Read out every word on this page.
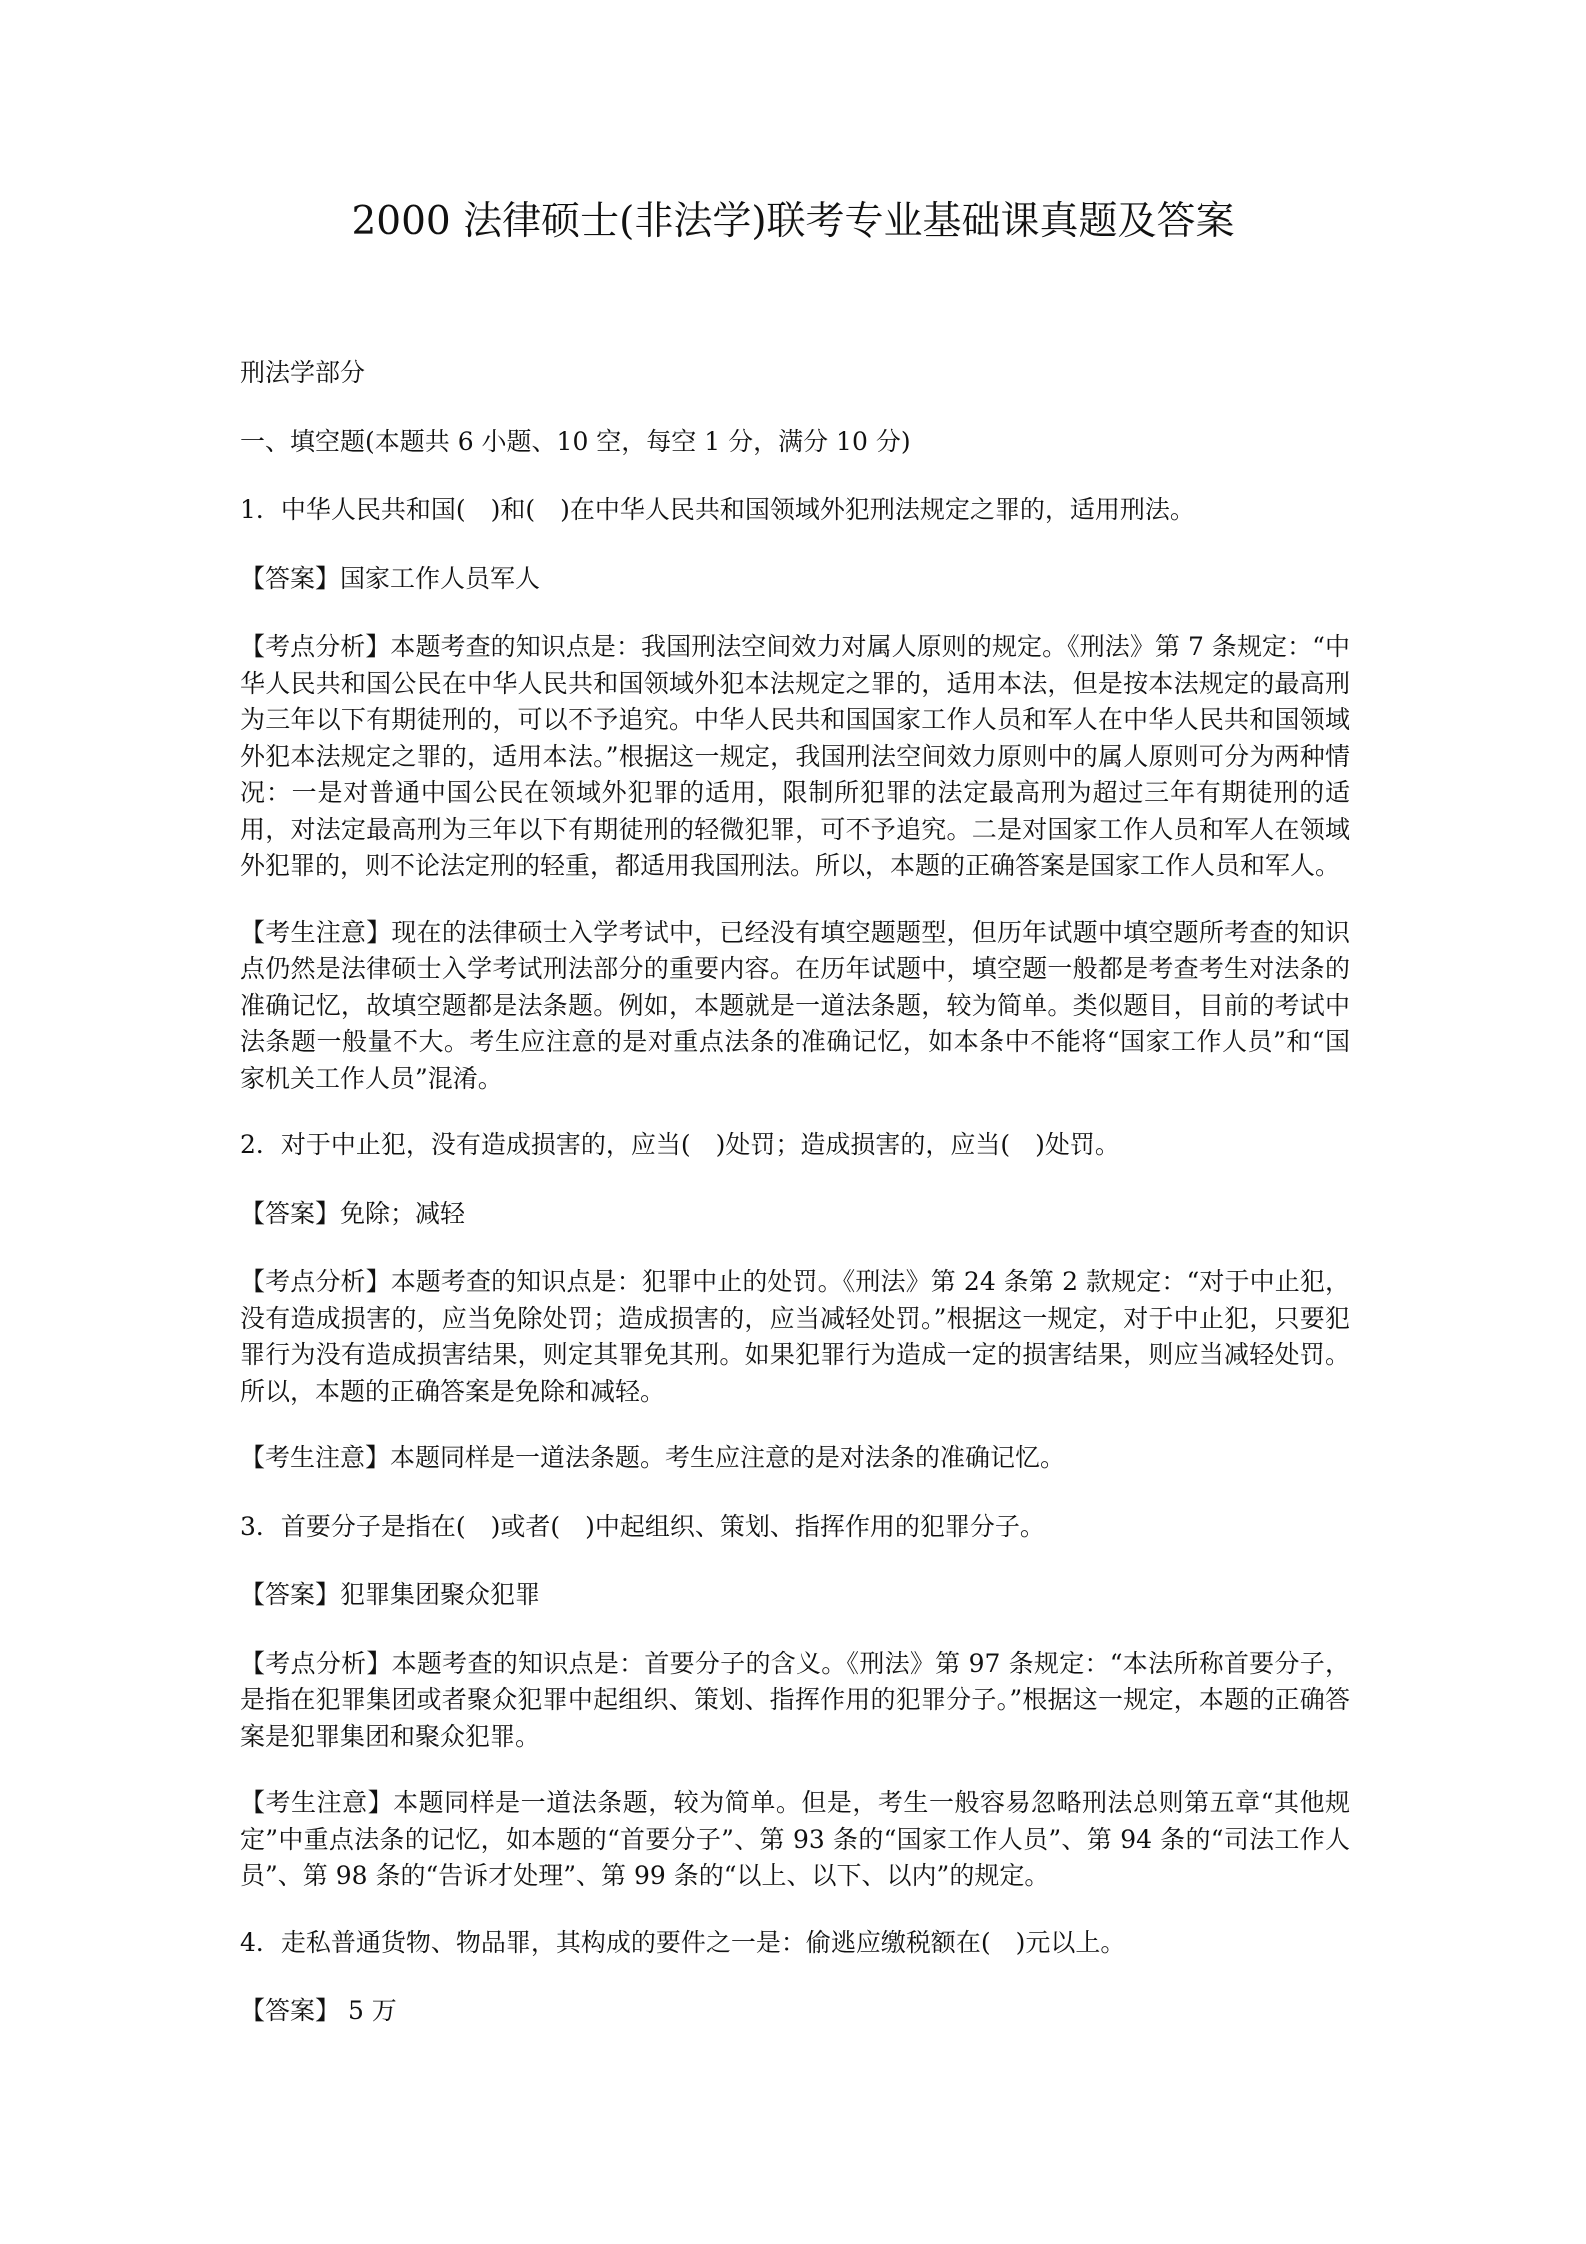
2000 法律硕士(非法学)联考专业基础课真题及答案

刑法学部分

一、填空题(本题共 6 小题、10 空，每空 1 分，满分 10 分)

1．中华人民共和国(　)和(　)在中华人民共和国领域外犯刑法规定之罪的，适用刑法。

【答案】国家工作人员军人

【考点分析】本题考查的知识点是：我国刑法空间效力对属人原则的规定。《刑法》第 7 条规定：“中华人民共和国公民在中华人民共和国领域外犯本法规定之罪的，适用本法，但是按本法规定的最高刑为三年以下有期徒刑的，可以不予追究。中华人民共和国国家工作人员和军人在中华人民共和国领域外犯本法规定之罪的，适用本法。”根据这一规定，我国刑法空间效力原则中的属人原则可分为两种情况：一是对普通中国公民在领域外犯罪的适用，限制所犯罪的法定最高刑为超过三年有期徒刑的适用，对法定最高刑为三年以下有期徒刑的轻微犯罪，可不予追究。二是对国家工作人员和军人在领域外犯罪的，则不论法定刑的轻重，都适用我国刑法。所以，本题的正确答案是国家工作人员和军人。

【考生注意】现在的法律硕士入学考试中，已经没有填空题题型，但历年试题中填空题所考查的知识点仍然是法律硕士入学考试刑法部分的重要内容。在历年试题中，填空题一般都是考查考生对法条的准确记忆，故填空题都是法条题。例如，本题就是一道法条题，较为简单。类似题目，目前的考试中法条题一般量不大。考生应注意的是对重点法条的准确记忆，如本条中不能将“国家工作人员”和“国家机关工作人员”混淆。

2．对于中止犯，没有造成损害的，应当(　)处罚；造成损害的，应当(　)处罚。

【答案】免除；减轻

【考点分析】本题考查的知识点是：犯罪中止的处罚。《刑法》第 24 条第 2 款规定：“对于中止犯，没有造成损害的，应当免除处罚；造成损害的，应当减轻处罚。”根据这一规定，对于中止犯，只要犯罪行为没有造成损害结果，则定其罪免其刑。如果犯罪行为造成一定的损害结果，则应当减轻处罚。所以，本题的正确答案是免除和减轻。

【考生注意】本题同样是一道法条题。考生应注意的是对法条的准确记忆。

3．首要分子是指在(　)或者(　)中起组织、策划、指挥作用的犯罪分子。

【答案】犯罪集团聚众犯罪

【考点分析】本题考查的知识点是：首要分子的含义。《刑法》第 97 条规定：“本法所称首要分子，是指在犯罪集团或者聚众犯罪中起组织、策划、指挥作用的犯罪分子。”根据这一规定，本题的正确答案是犯罪集团和聚众犯罪。

【考生注意】本题同样是一道法条题，较为简单。但是，考生一般容易忽略刑法总则第五章“其他规定”中重点法条的记忆，如本题的“首要分子”、第 93 条的“国家工作人员”、第 94 条的“司法工作人员”、第 98 条的“告诉才处理”、第 99 条的“以上、以下、以内”的规定。

4．走私普通货物、物品罪，其构成的要件之一是：偷逃应缴税额在(　)元以上。

【答案】 5 万
